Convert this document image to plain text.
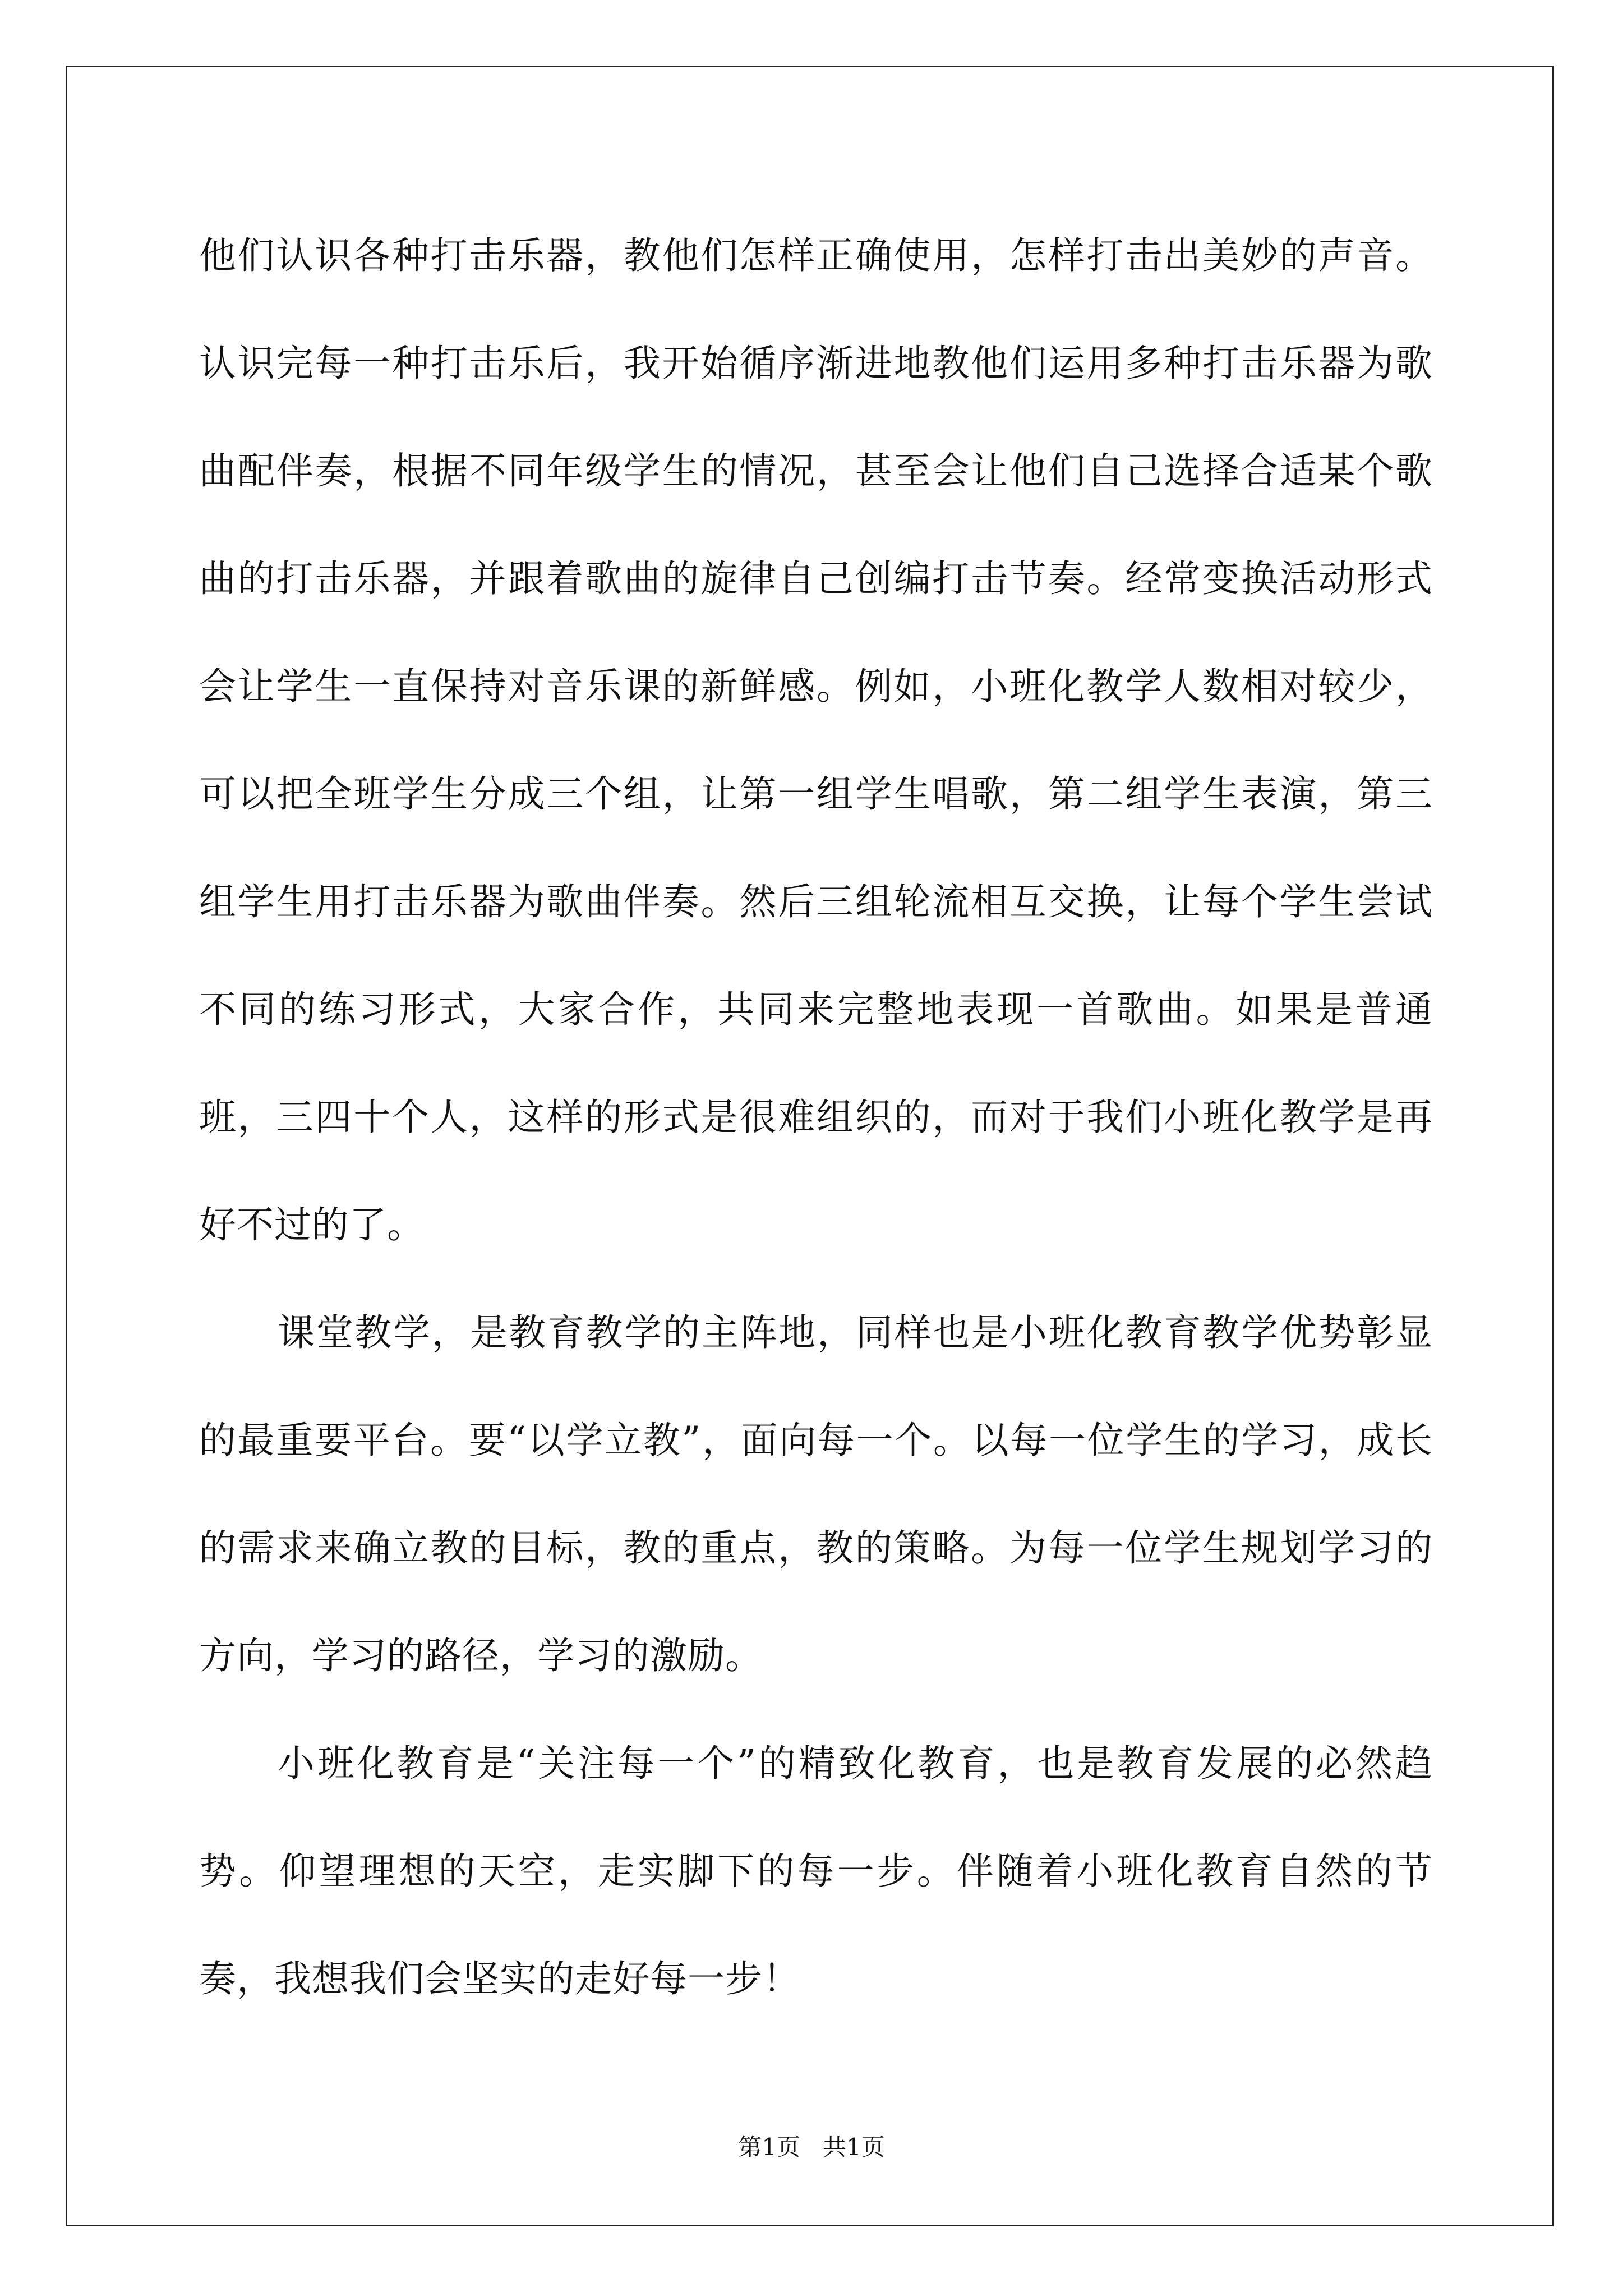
他们认识各种打击乐器，教他们怎样正确使用，怎样打击出美妙的声音。认识完每一种打击乐后，我开始循序渐进地教他们运用多种打击乐器为歌曲配伴奏，根据不同年级学生的情况，甚至会让他们自己选择合适某个歌曲的打击乐器，并跟着歌曲的旋律自己创编打击节奏。经常变换活动形式会让学生一直保持对音乐课的新鲜感。例如，小班化教学人数相对较少，可以把全班学生分成三个组，让第一组学生唱歌，第二组学生表演，第三组学生用打击乐器为歌曲伴奏。然后三组轮流相互交换，让每个学生尝试不同的练习形式，大家合作，共同来完整地表现一首歌曲。如果是普通班，三四十个人，这样的形式是很难组织的，而对于我们小班化教学是再好不过的了。

课堂教学，是教育教学的主阵地，同样也是小班化教育教学优势彰显的最重要平台。要“以学立教”，面向每一个。以每一位学生的学习，成长的需求来确立教的目标，教的重点，教的策略。为每一位学生规划学习的方向，学习的路径，学习的激励。

小班化教育是“关注每一个”的精致化教育，也是教育发展的必然趋势。仰望理想的天空，走实脚下的每一步。伴随着小班化教育自然的节奏，我想我们会坚实的走好每一步！

第1页 共1页
